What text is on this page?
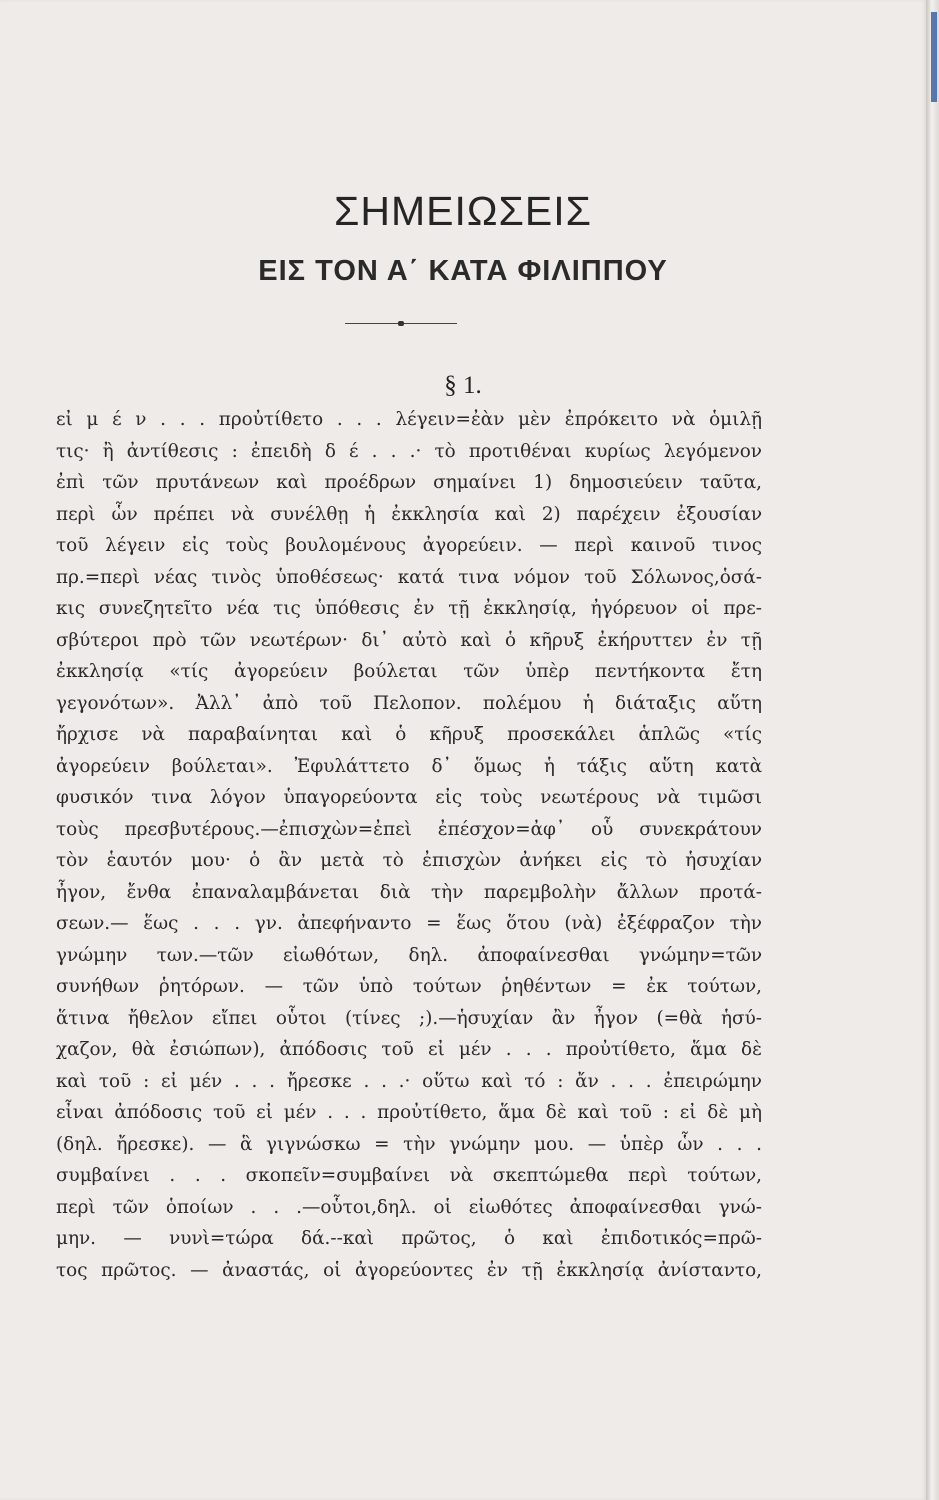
ΣΗΜΕΙΩΣΕΙΣ
ΕΙΣ ΤΟΝ Α΄ ΚΑΤΑ ΦΙΛΙΠΠΟΥ
§ 1.
εἰ μ έ ν . . . προὐτίθετο . . . λέγειν=ἐὰν μὲν ἐπρόκειτο νὰ ὁμιλῇ
τις· ἢ ἀντίθεσις : ἐπειδὴ δ έ . . .· τὸ προτιθέναι κυρίως λεγόμενον
ἐπὶ τῶν πρυτάνεων καὶ προέδρων σημαίνει 1) δημοσιεύειν ταῦτα,
περὶ ὧν πρέπει νὰ συνέλθῃ ἡ ἐκκλησία καὶ 2) παρέχειν ἐξουσίαν
τοῦ λέγειν εἰς τοὺς βουλομένους ἀγορεύειν. — περὶ καινοῦ τινος
πρ.=περὶ νέας τινὸς ὑποθέσεως· κατά τινα νόμον τοῦ Σόλωνος,ὁσά-
κις συνεζητεῖτο νέα τις ὑπόθεσις ἐν τῇ ἐκκλησίᾳ, ἠγόρευον οἱ πρε-
σβύτεροι πρὸ τῶν νεωτέρων· δι᾽ αὐτὸ καὶ ὁ κῆρυξ ἐκήρυττεν ἐν τῇ
ἐκκλησίᾳ «τίς ἀγορεύειν βούλεται τῶν ὑπὲρ πεντήκοντα ἔτη
γεγονότων». Ἀλλ᾽ ἀπὸ τοῦ Πελοπον. πολέμου ἡ διάταξις αὕτη
ἤρχισε νὰ παραβαίνηται καὶ ὁ κῆρυξ προσεκάλει ἁπλῶς «τίς
ἀγορεύειν βούλεται». Ἐφυλάττετο δ᾽ ὅμως ἡ τάξις αὕτη κατὰ
φυσικόν τινα λόγον ὑπαγορεύοντα εἰς τοὺς νεωτέρους νὰ τιμῶσι
τοὺς πρεσβυτέρους.—ἐπισχὼν=ἐπεὶ ἐπέσχον=ἀφ᾽ οὗ συνεκράτουν
τὸν ἑαυτόν μου· ὁ ἂν μετὰ τὸ ἐπισχὼν ἀνήκει εἰς τὸ ἡσυχίαν
ἦγον, ἔνθα ἐπαναλαμβάνεται διὰ τὴν παρεμβολὴν ἄλλων προτά-
σεων.— ἕως . . . γν. ἀπεφήναντο = ἕως ὅτου (νὰ) ἐξέφραζον τὴν
γνώμην των.—τῶν εἰωθότων, δηλ. ἀποφαίνεσθαι γνώμην=τῶν
συνήθων ῥητόρων. — τῶν ὑπὸ τούτων ῥηθέντων = ἐκ τούτων,
ἅτινα ἤθελον εἴπει οὗτοι (τίνες ;).—ἡσυχίαν ἂν ἦγον (=θὰ ἡσύ-
χαζον, θὰ ἐσιώπων), ἀπόδοσις τοῦ εἰ μέν . . . προὐτίθετο, ἅμα δὲ
καὶ τοῦ : εἰ μέν . . . ἤρεσκε . . .· οὕτω καὶ τό : ἄν . . . ἐπειρώμην
εἶναι ἀπόδοσις τοῦ εἰ μέν . . . προὐτίθετο, ἅμα δὲ καὶ τοῦ : εἰ δὲ μὴ
(δηλ. ἤρεσκε). — ἃ γιγνώσκω = τὴν γνώμην μου. — ὑπὲρ ὧν . . .
συμβαίνει . . . σκοπεῖν=συμβαίνει νὰ σκεπτώμεθα περὶ τούτων,
περὶ τῶν ὁποίων . . .—οὗτοι,δηλ. οἱ εἰωθότες ἀποφαίνεσθαι γνώ-
μην. — νυνὶ=τώρα δά.--καὶ πρῶτος, ὁ καὶ ἐπιδοτικός=πρῶ-
τος πρῶτος. — ἀναστάς, οἱ ἀγορεύοντες ἐν τῇ ἐκκλησίᾳ ἀνίσταντο,
